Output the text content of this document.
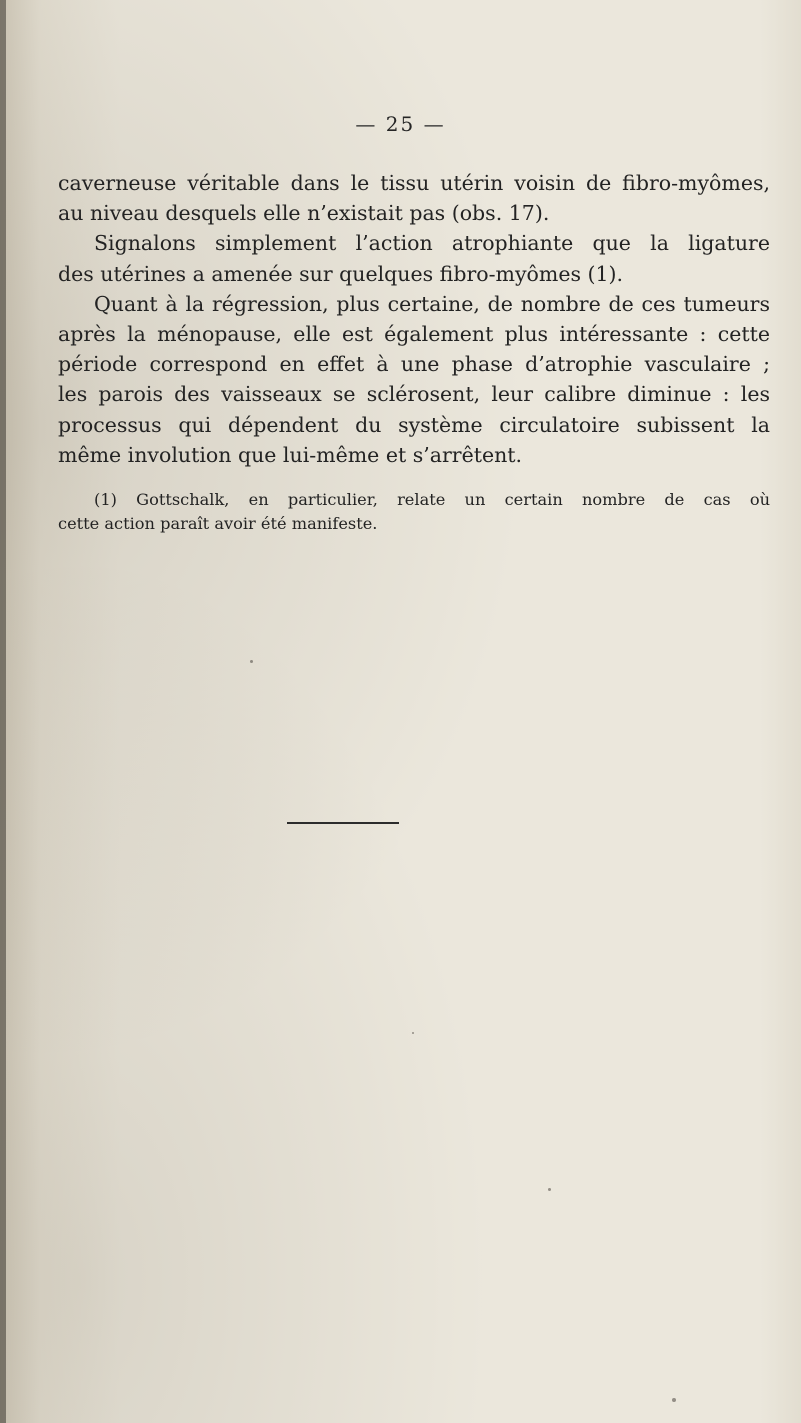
— 25 —
caverneuse véritable dans le tissu utérin voisin de fibro-myômes,
au niveau desquels elle n’existait pas (obs. 17).
Signalons simplement l’action atrophiante que la ligature
des utérines a amenée sur quelques fibro-myômes (1).
Quant à la régression, plus certaine, de nombre de ces tumeurs
après la ménopause, elle est également plus intéressante : cette
période correspond en effet à une phase d’atrophie vasculaire ;
les parois des vaisseaux se sclérosent, leur calibre diminue : les
processus qui dépendent du système circulatoire subissent la
même involution que lui-même et s’arrêtent.
(1) Gottschalk, en particulier, relate un certain nombre de cas où
cette action paraît avoir été manifeste.
